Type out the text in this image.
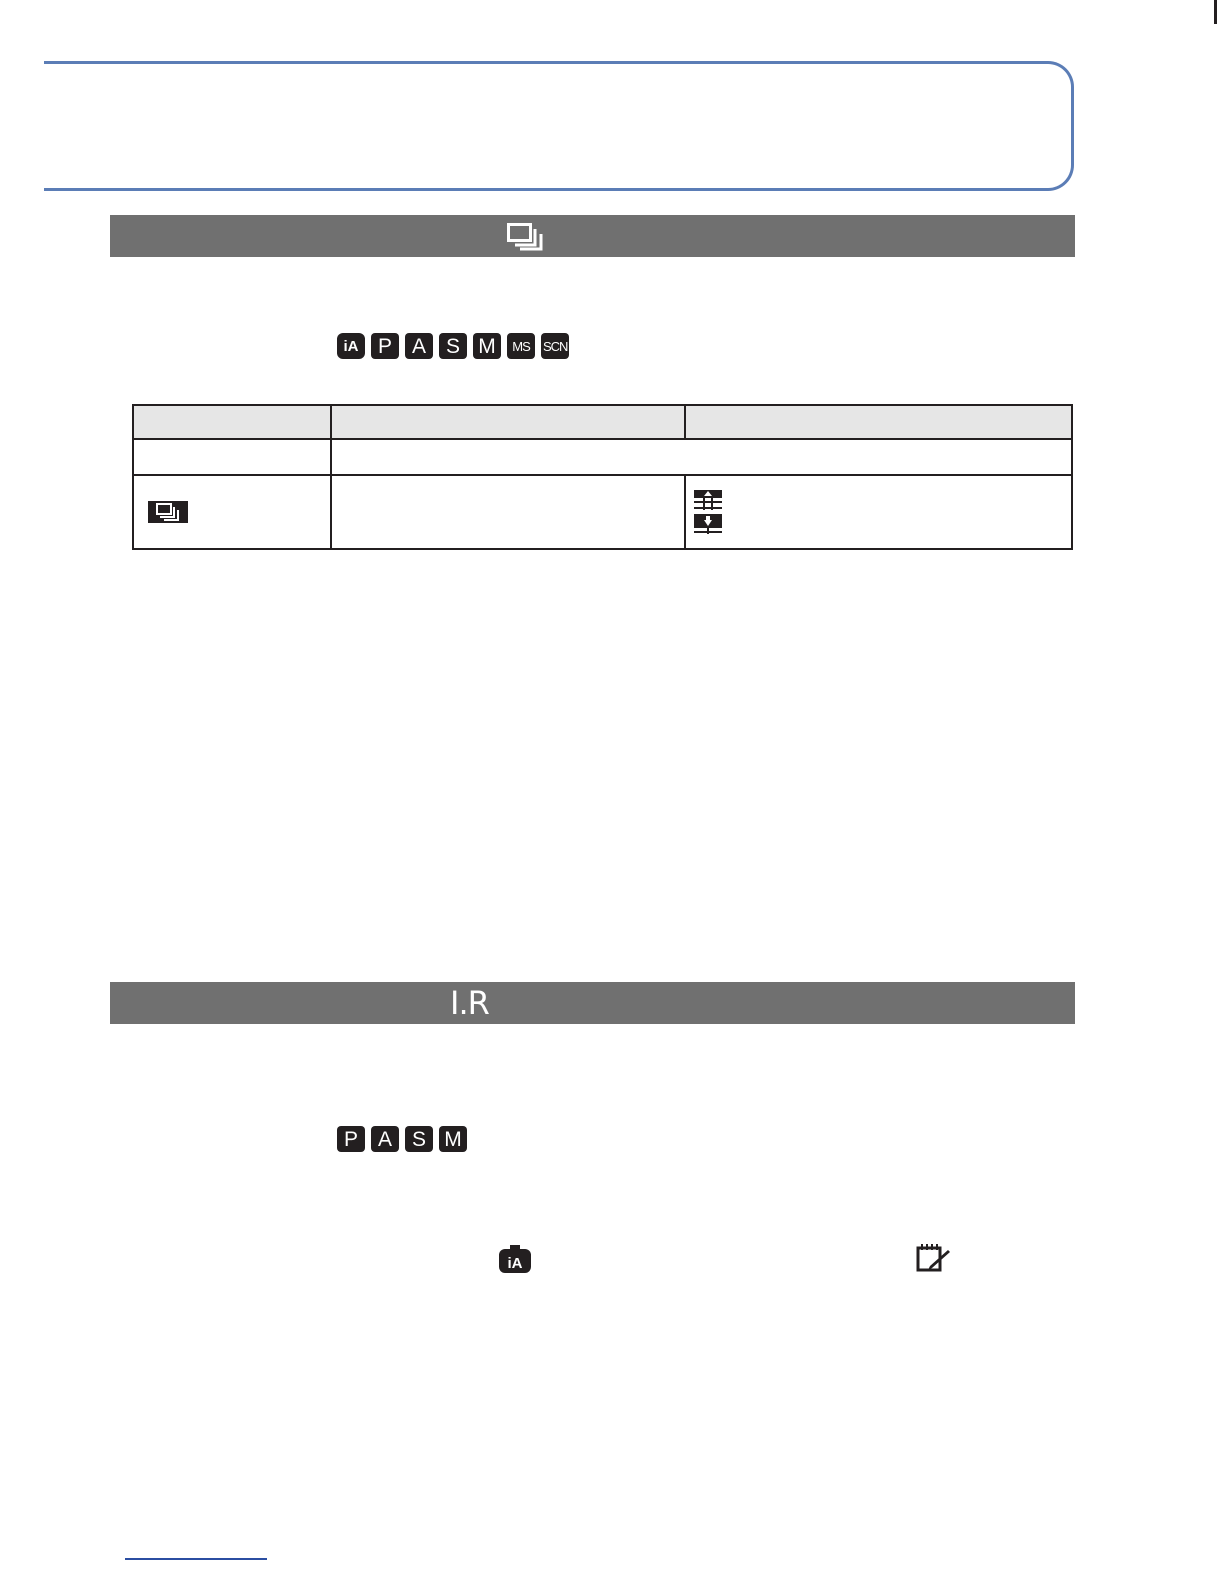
iA P A S M	MS	SCN

I.R
P A S M
iA
